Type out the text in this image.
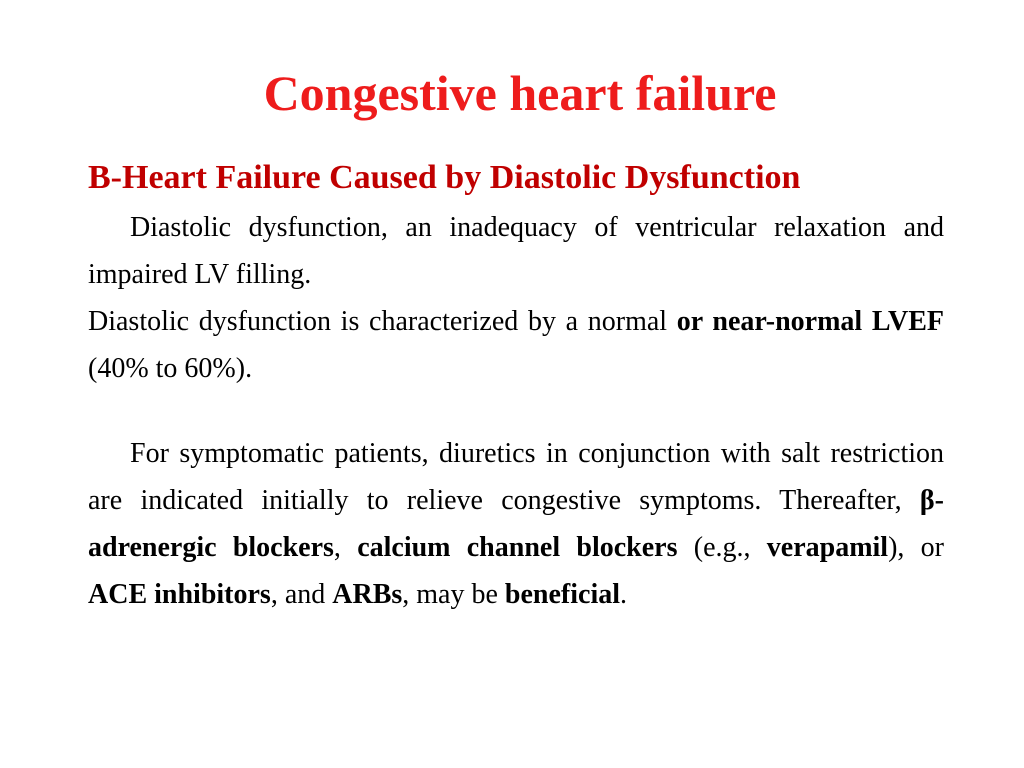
Congestive heart failure
B-Heart Failure Caused by Diastolic Dysfunction

Diastolic dysfunction, an inadequacy of ventricular relaxation and impaired LV filling.

Diastolic dysfunction is characterized by a normal or near-normal LVEF (40% to 60%).

For symptomatic patients, diuretics in conjunction with salt restriction are indicated initially to relieve congestive symptoms. Thereafter, β-adrenergic blockers, calcium channel blockers (e.g., verapamil), or ACE inhibitors, and ARBs, may be beneficial.
